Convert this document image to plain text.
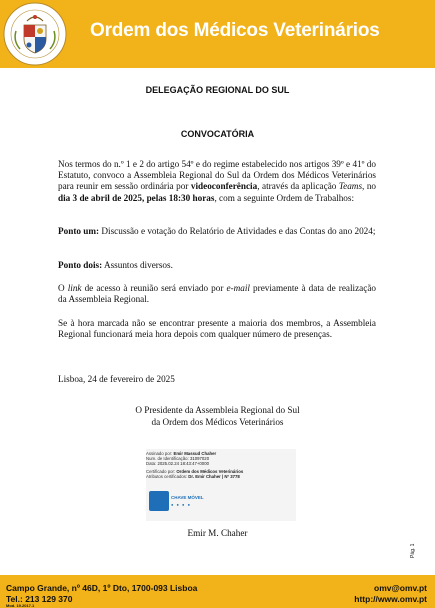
Ordem dos Médicos Veterinários
DELEGAÇÃO REGIONAL DO SUL
CONVOCATÓRIA
Nos termos do n.º 1 e 2 do artigo 54º e do regime estabelecido nos artigos 39º e 41º do Estatuto, convoco a Assembleia Regional do Sul da Ordem dos Médicos Veterinários para reunir em sessão ordinária por videoconferência, através da aplicação Teams, no dia 3 de abril de 2025, pelas 18:30 horas, com a seguinte Ordem de Trabalhos:
Ponto um: Discussão e votação do Relatório de Atividades e das Contas do ano 2024;
Ponto dois: Assuntos diversos.
O link de acesso à reunião será enviado por e-mail previamente à data de realização da Assembleia Regional.
Se à hora marcada não se encontrar presente a maioria dos membros, a Assembleia Regional funcionará meia hora depois com qualquer número de presenças.
Lisboa, 24 de fevereiro de 2025
O Presidente da Assembleia Regional do Sul
da Ordem dos Médicos Veterinários
Assinado por: Emir Massud Chaher
Num. de Identificação: 31097020
Data: 2025.02.24 18:43:47+0000
Certificado por: Ordem dos Médicos Veterinários
Atributos certificados: Dr. Emir Chaher | Nº 3778
CHAVE MÓVEL
● ● ● ●
Emir M. Chaher
Pág. 1
Campo Grande, nº 46D, 1º Dto, 1700-093 Lisboa
Tel.: 213 129 370
omv@omv.pt
http://www.omv.pt
Mod. 19.2017.1
